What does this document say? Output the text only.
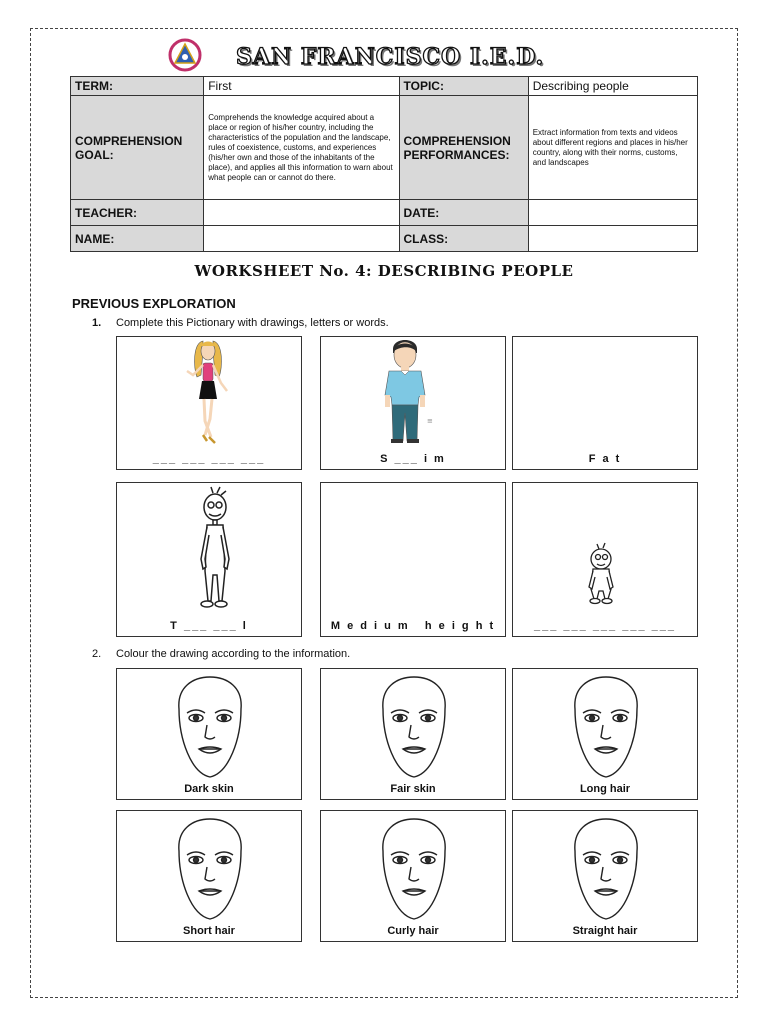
SAN FRANCISCO I.E.D.
TERM:	First	TOPIC:	Describing people
COMPREHENSION GOAL:	Comprehends the knowledge acquired about a place or region of his/her country, including the characteristics of the population and the landscape, rules of coexistence, customs, and experiences (his/her own and those of the inhabitants of the place), and applies all this information to warn about what people can or cannot do there.	COMPREHENSION PERFORMANCES:	Extract information from texts and videos about different regions and places in his/her country, along with their norms, customs, and landscapes
TEACHER:		DATE:	
NAME:		CLASS:	
WORKSHEET No. 4: DESCRIBING PEOPLE
PREVIOUS EXPLORATION
1. Complete this Pictionary with drawings, letters or words.
___ ___ ___ ___
≡
S ___ i m	F a t
T ___ ___ l	M e d i u m   h e i g h t	___ ___ ___ ___ ___
2. Colour the drawing according to the information.
Dark skin	Fair skin	Long hair
Short hair	Curly hair	Straight hair
